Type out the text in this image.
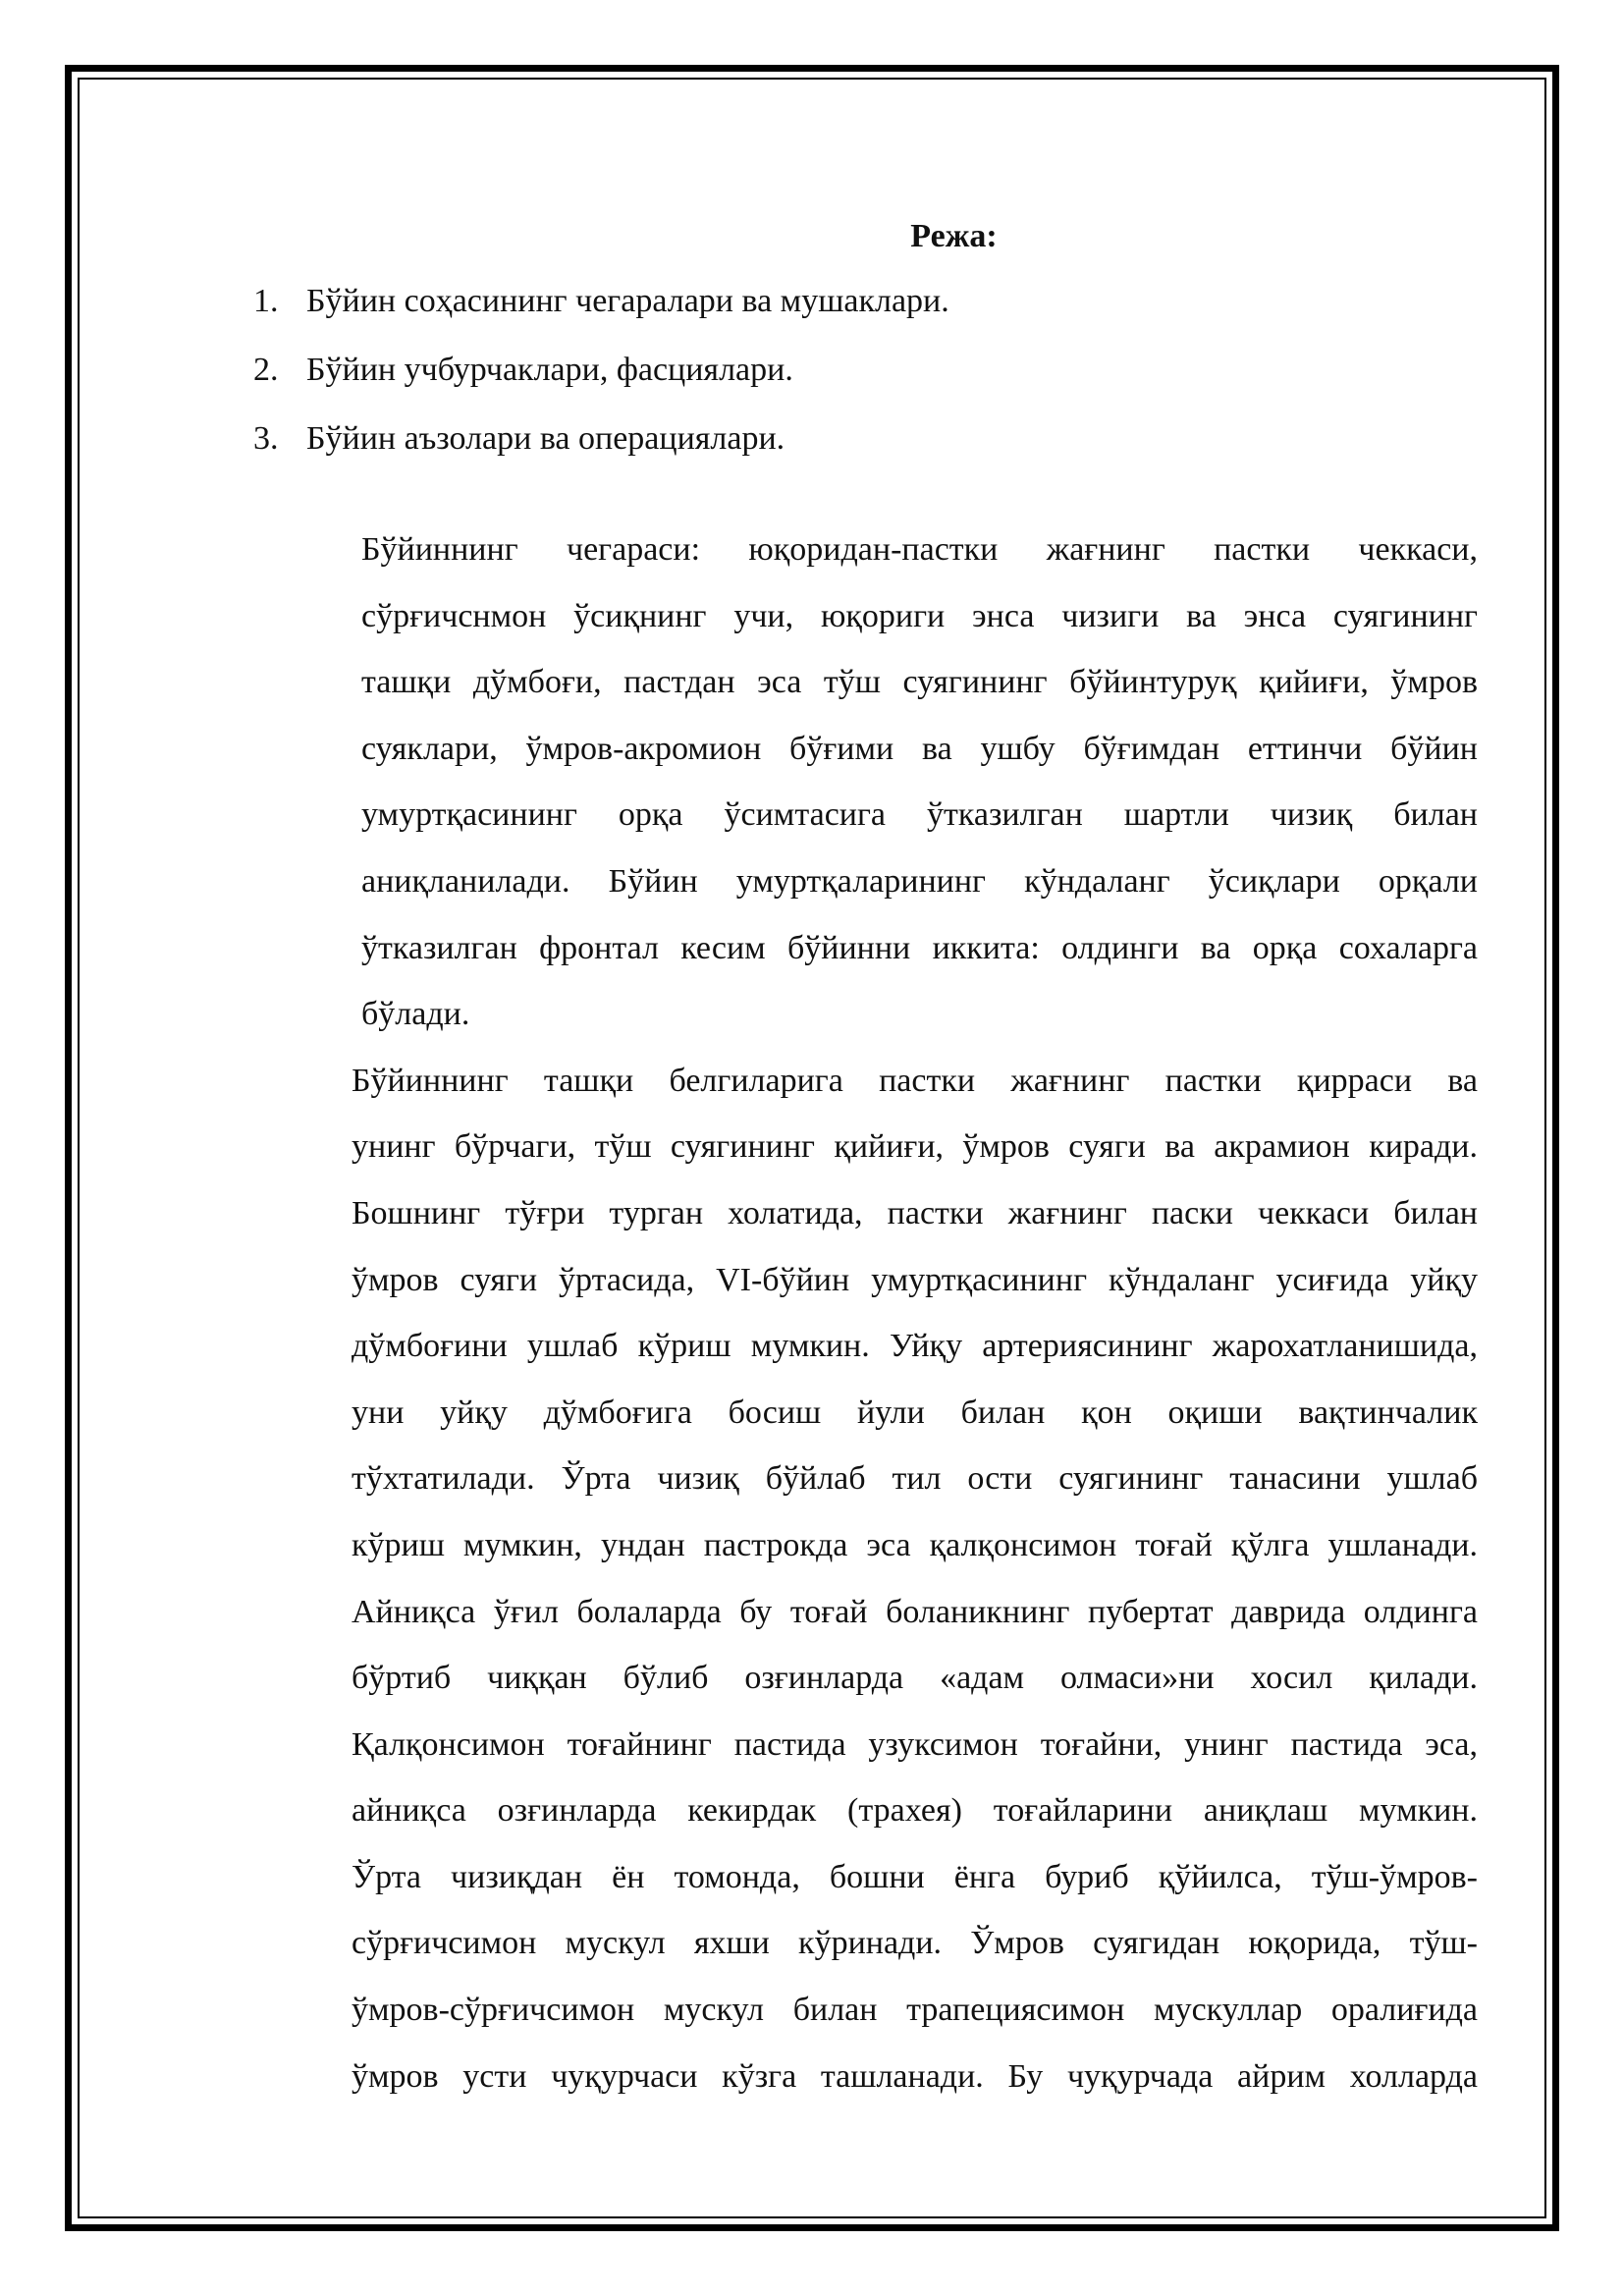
Режа:
1. Бўйин соҳасининг чегаралари ва мушаклари.
2. Бўйин учбурчаклари, фасциялари.
3. Бўйин аъзолари ва операциялари.

Бўйиннинг чегараси: юқоридан-пастки жағнинг пастки чеккаси,
сўрғичснмон ўсиқнинг учи, юқориги энса чизиги ва энса суягининг
ташқи дўмбоғи, пастдан эса тўш суягининг бўйинтуруқ қийиғи, ўмров
суяклари, ўмров-акромион бўғими ва ушбу бўғимдан еттинчи бўйин
умуртқасининг орқа ўсимтасига ўтказилган шартли чизиқ билан
аниқланилади. Бўйин умуртқаларининг кўндаланг ўсиқлари орқали
ўтказилган фронтал кесим бўйинни иккита: олдинги ва орқа сохаларга
бўлади.

Бўйиннинг ташқи белгиларига пастки жағнинг пастки қирраси ва
унинг бўрчаги, тўш суягининг қийиғи, ўмров суяги ва акрамион киради.
Бошнинг тўғри турган холатида, пастки жағнинг паски чеккаси билан
ўмров суяги ўртасида, VI-бўйин умуртқасининг кўндаланг усиғида уйқу
дўмбоғини ушлаб кўриш мумкин. Уйқу артериясининг жарохатланишида,
уни уйқу дўмбоғига босиш йули билан қон оқиши вақтинчалик
тўхтатилади. Ўрта чизиқ бўйлаб тил ости суягининг танасини ушлаб
кўриш мумкин, ундан пастрокда эса қалқонсимон тоғай қўлга ушланади.
Айниқса ўғил болаларда бу тоғай боланикнинг пубертат даврида олдинга
бўртиб чиққан бўлиб озғинларда «адам олмаси»ни хосил қилади.
Қалқонсимон тоғайнинг пастида узуксимон тоғайни, унинг пастида эса,
айниқса озғинларда кекирдак (трахея) тоғайларини аниқлаш мумкин.
Ўрта чизиқдан ён томонда, бошни ёнга буриб қўйилса, тўш-ўмров-
сўрғичсимон мускул яхши кўринади. Ўмров суягидан юқорида, тўш-
ўмров-сўрғичсимон мускул билан трапециясимон мускуллар оралиғида
ўмров усти чуқурчаси кўзга ташланади. Бу чуқурчада айрим холларда
